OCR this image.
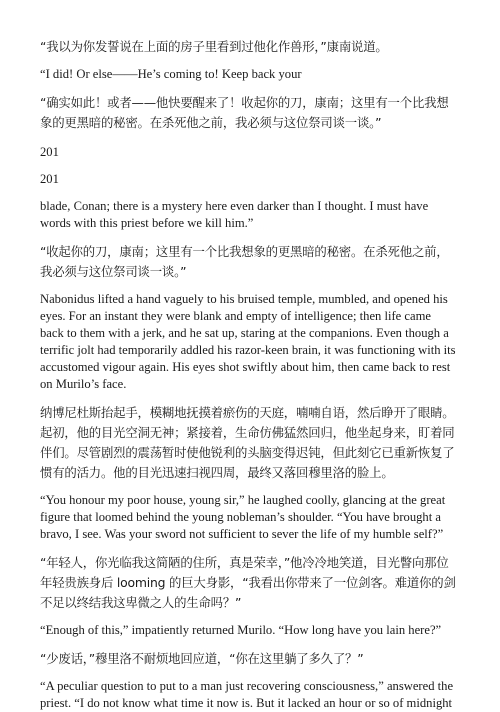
“我以为你发誓说在上面的房子里看到过他化作兽形，”康南说道。

“I did! Or else——He’s coming to! Keep back your

“确实如此！或者——他快要醒来了！收起你的刀，康南；这里有一个比我想象的更黑暗的秘密。在杀死他之前，我必须与这位祭司谈一谈。”

201

201

blade, Conan; there is a mystery here even darker than I thought. I must have words with this priest before we kill him.”

“收起你的刀，康南；这里有一个比我想象的更黑暗的秘密。在杀死他之前，我必须与这位祭司谈一谈。”

Nabonidus lifted a hand vaguely to his bruised temple, mumbled, and opened his eyes. For an instant they were blank and empty of intelligence; then life came back to them with a jerk, and he sat up, staring at the companions. Even though a terrific jolt had temporarily addled his razor-keen brain, it was functioning with its accustomed vigour again. His eyes shot swiftly about him, then came back to rest on Murilo’s face.

纳博尼杜斯抬起手，模糊地抚摸着瘀伤的天庭，喃喃自语，然后睁开了眼睛。起初，他的目光空洞无神；紧接着，生命仿佛猛然回归，他坐起身来，盯着同伴们。尽管剧烈的震荡暂时使他锐利的头脑变得迟钝，但此刻它已重新恢复了惯有的活力。他的目光迅速扫视四周，最终又落回穆里洛的脸上。

“You honour my poor house, young sir,” he laughed coolly, glancing at the great figure that loomed behind the young nobleman’s shoulder. “You have brought a bravo, I see. Was your sword not sufficient to sever the life of my humble self?”

“年轻人，你光临我这简陋的住所，真是荣幸，”他冷冷地笑道，目光瞥向那位年轻贵族身后 looming 的巨大身影，“我看出你带来了一位剑客。难道你的剑不足以终结我这卑微之人的生命吗？”

“Enough of this,” impatiently returned Murilo. “How long have you lain here?”

“少废话，”穆里洛不耐烦地回应道，“你在这里躺了多久了？”

“A peculiar question to put to a man just recovering consciousness,” answered the priest. “I do not know what time it now is. But it lacked an hour or so of midnight
